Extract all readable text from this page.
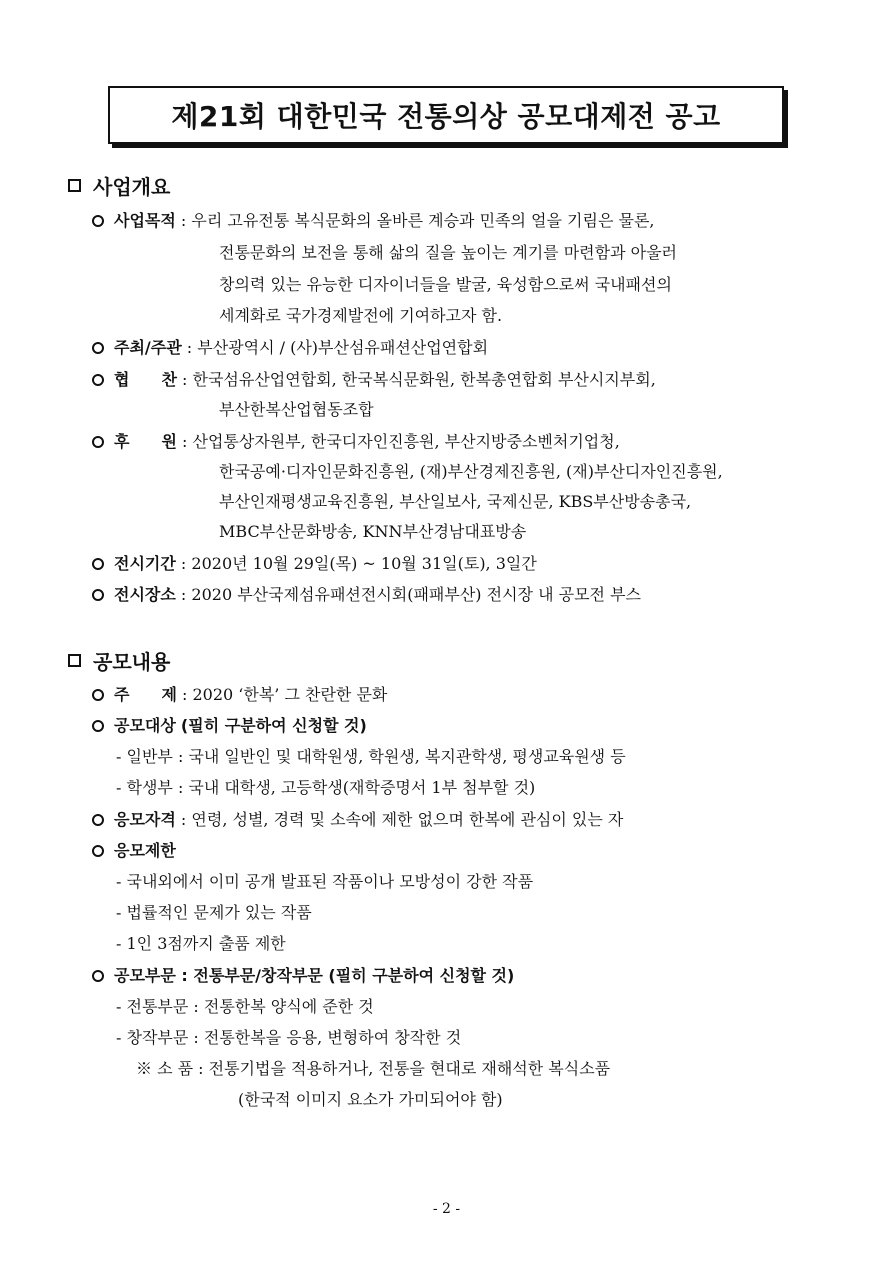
제21회 대한민국 전통의상 공모대제전 공고
사업개요
사업목적 : 우리 고유전통 복식문화의 올바른 계승과 민족의 얼을 기림은 물론,
전통문화의 보전을 통해 삶의 질을 높이는 계기를 마련함과 아울러
창의력 있는 유능한 디자이너들을 발굴, 육성함으로써 국내패션의
세계화로 국가경제발전에 기여하고자 함.
주최/주관 : 부산광역시 / (사)부산섬유패션산업연합회
협　　찬 : 한국섬유산업연합회, 한국복식문화원, 한복총연합회 부산시지부회,
부산한복산업협동조합
후　　원 : 산업통상자원부, 한국디자인진흥원, 부산지방중소벤처기업청,
한국공예·디자인문화진흥원, (재)부산경제진흥원, (재)부산디자인진흥원,
부산인재평생교육진흥원, 부산일보사, 국제신문, KBS부산방송총국,
MBC부산문화방송, KNN부산경남대표방송
전시기간 : 2020년 10월 29일(목) ~ 10월 31일(토), 3일간
전시장소 : 2020 부산국제섬유패션전시회(패패부산) 전시장 내 공모전 부스
공모내용
주　　제 : 2020 ‘한복’ 그 찬란한 문화
공모대상 (필히 구분하여 신청할 것)
- 일반부 : 국내 일반인 및 대학원생, 학원생, 복지관학생, 평생교육원생 등
- 학생부 : 국내 대학생, 고등학생(재학증명서 1부 첨부할 것)
응모자격 : 연령, 성별, 경력 및 소속에 제한 없으며 한복에 관심이 있는 자
응모제한
- 국내외에서 이미 공개 발표된 작품이나 모방성이 강한 작품
- 법률적인 문제가 있는 작품
- 1인 3점까지 출품 제한
공모부문 : 전통부문/창작부문 (필히 구분하여 신청할 것)
- 전통부문 : 전통한복 양식에 준한 것
- 창작부문 : 전통한복을 응용, 변형하여 창작한 것
※ 소 품 : 전통기법을 적용하거나, 전통을 현대로 재해석한 복식소품
(한국적 이미지 요소가 가미되어야 함)
- 2 -
